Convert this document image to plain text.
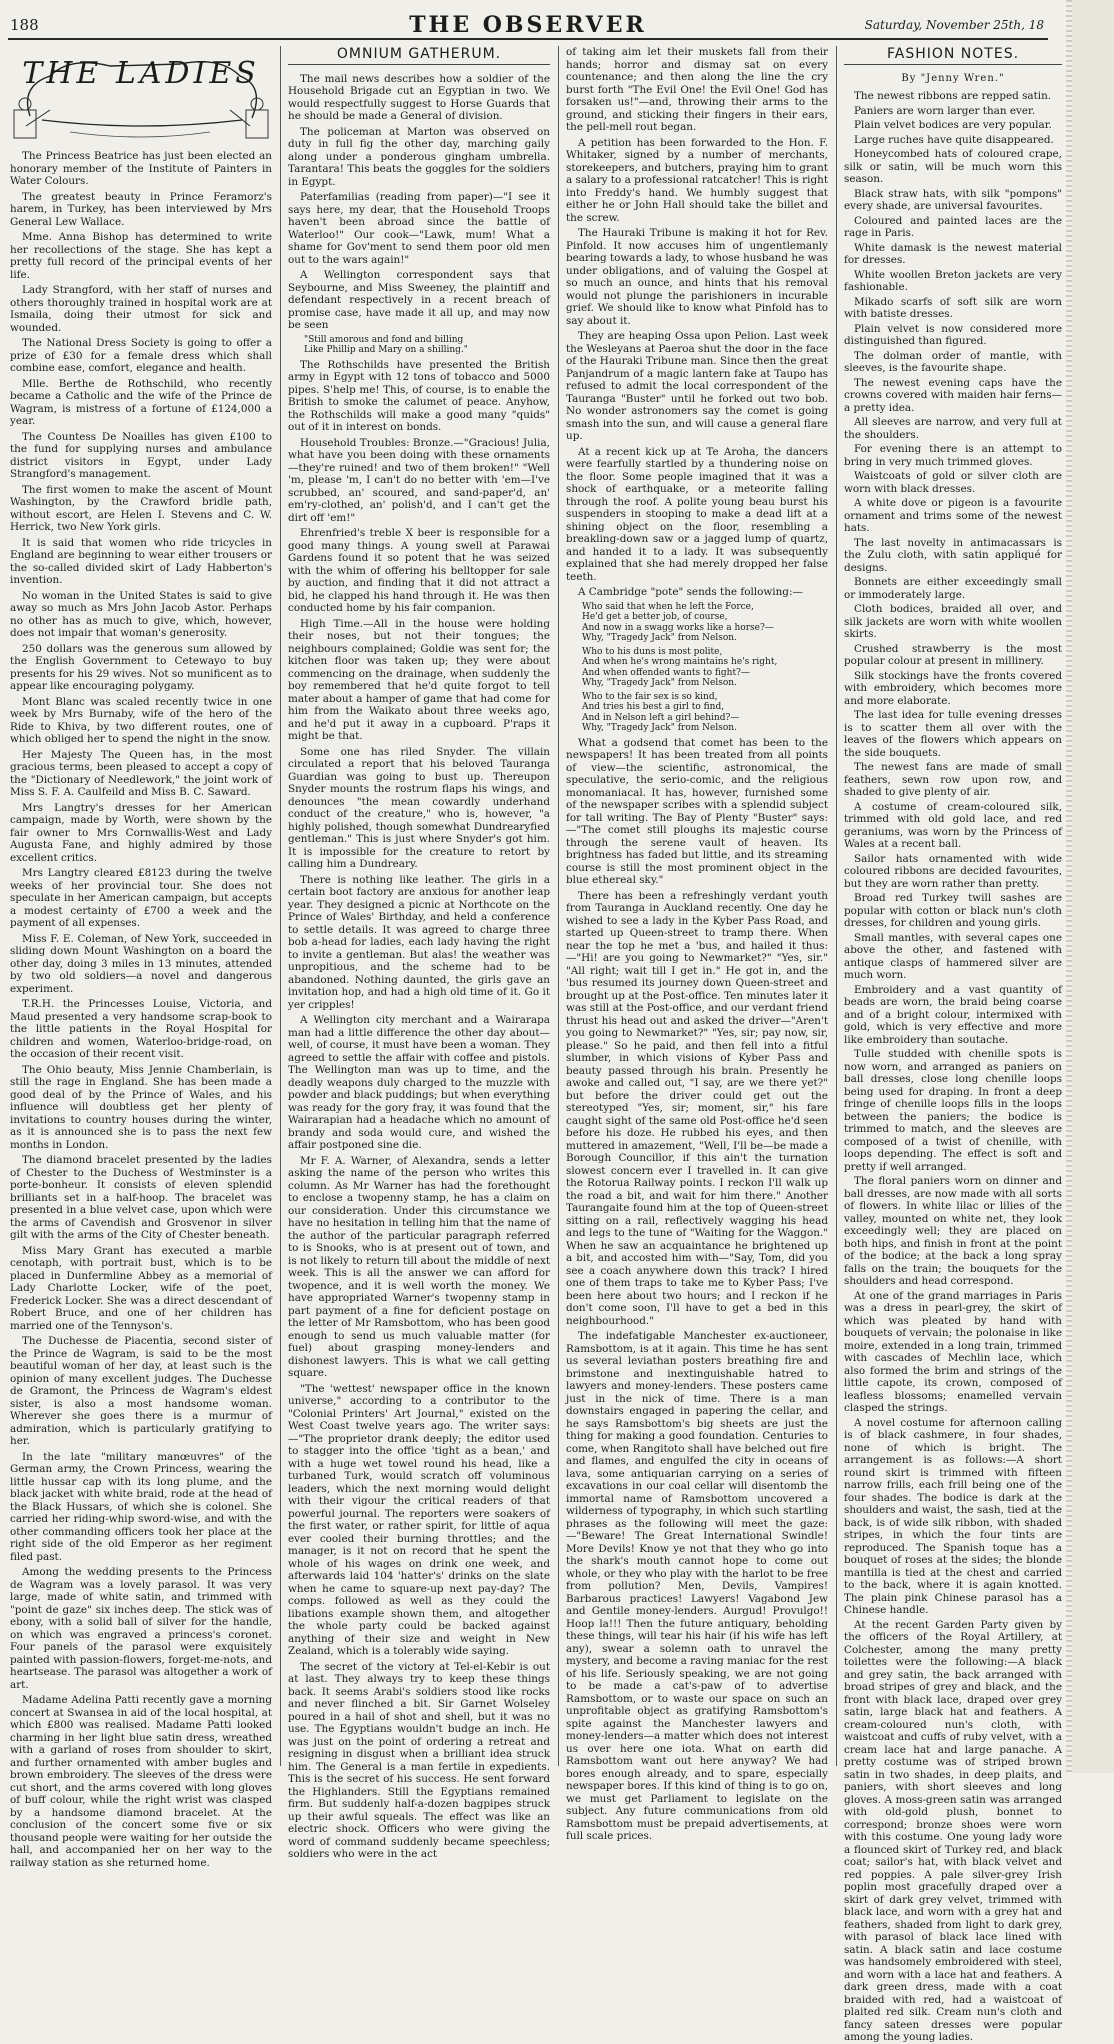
188	THE OBSERVER	Saturday, November 25th, 18
THE LADIES

The Princess Beatrice has just been elected an honorary member of the Institute of Painters in Water Colours.

The greatest beauty in Prince Feramorz's harem, in Turkey, has been interviewed by Mrs General Lew Wallace.

Mme. Anna Bishop has determined to write her recollections of the stage. She has kept a pretty full record of the principal events of her life.

Lady Strangford, with her staff of nurses and others thoroughly trained in hospital work are at Ismaila, doing their utmost for sick and wounded.

The National Dress Society is going to offer a prize of £30 for a female dress which shall combine ease, comfort, elegance and health.

Mlle. Berthe de Rothschild, who recently became a Catholic and the wife of the Prince de Wagram, is mistress of a fortune of £124,000 a year.

The Countess De Noailles has given £100 to the fund for supplying nurses and ambulance district visitors in Egypt, under Lady Strangford's management.

The first women to make the ascent of Mount Washington, by the Crawford bridle path, without escort, are Helen I. Stevens and C. W. Herrick, two New York girls.

It is said that women who ride tricycles in England are beginning to wear either trousers or the so-called divided skirt of Lady Habberton's invention.

No woman in the United States is said to give away so much as Mrs John Jacob Astor. Perhaps no other has as much to give, which, however, does not impair that woman's generosity.

250 dollars was the generous sum allowed by the English Government to Cetewayo to buy presents for his 29 wives. Not so munificent as to appear like encouraging polygamy.

Mont Blanc was scaled recently twice in one week by Mrs Burnaby, wife of the hero of the Ride to Khiva, by two different routes, one of which obliged her to spend the night in the snow.

Her Majesty The Queen has, in the most gracious terms, been pleased to accept a copy of the "Dictionary of Needlework," the joint work of Miss S. F. A. Caulfeild and Miss B. C. Saward.

Mrs Langtry's dresses for her American campaign, made by Worth, were shown by the fair owner to Mrs Cornwallis-West and Lady Augusta Fane, and highly admired by those excellent critics.

Mrs Langtry cleared £8123 during the twelve weeks of her provincial tour. She does not speculate in her American campaign, but accepts a modest certainty of £700 a week and the payment of all expenses.

Miss F. E. Coleman, of New York, succeeded in sliding down Mount Washington on a board the other day, doing 3 miles in 13 minutes, attended by two old soldiers—a novel and dangerous experiment.

T.R.H. the Princesses Louise, Victoria, and Maud presented a very handsome scrap-book to the little patients in the Royal Hospital for children and women, Waterloo-bridge-road, on the occasion of their recent visit.

The Ohio beauty, Miss Jennie Chamberlain, is still the rage in England. She has been made a good deal of by the Prince of Wales, and his influence will doubtless get her plenty of invitations to country houses during the winter, as it is announced she is to pass the next few months in London.

The diamond bracelet presented by the ladies of Chester to the Duchess of Westminster is a porte-bonheur. It consists of eleven splendid brilliants set in a half-hoop. The bracelet was presented in a blue velvet case, upon which were the arms of Cavendish and Grosvenor in silver gilt with the arms of the City of Chester beneath.

Miss Mary Grant has executed a marble cenotaph, with portrait bust, which is to be placed in Dunfermline Abbey as a memorial of Lady Charlotte Locker, wife of the poet, Frederick Locker. She was a direct descendant of Robert Bruce, and one of her children has married one of the Tennyson's.

The Duchesse de Piacentia, second sister of the Prince de Wagram, is said to be the most beautiful woman of her day, at least such is the opinion of many excellent judges. The Duchesse de Gramont, the Princess de Wagram's eldest sister, is also a most handsome woman. Wherever she goes there is a murmur of admiration, which is particularly gratifying to her.

In the late "military manœuvres" of the German army, the Crown Princess, wearing the little hussar cap with its long plume, and the black jacket with white braid, rode at the head of the Black Hussars, of which she is colonel. She carried her riding-whip sword-wise, and with the other commanding officers took her place at the right side of the old Emperor as her regiment filed past.

Among the wedding presents to the Princess de Wagram was a lovely parasol. It was very large, made of white satin, and trimmed with "point de gaze" six inches deep. The stick was of ebony, with a solid ball of silver for the handle, on which was engraved a princess's coronet. Four panels of the parasol were exquisitely painted with passion-flowers, forget-me-nots, and heartsease. The parasol was altogether a work of art.

Madame Adelina Patti recently gave a morning concert at Swansea in aid of the local hospital, at which £800 was realised. Madame Patti looked charming in her light blue satin dress, wreathed with a garland of roses from shoulder to skirt, and further ornamented with amber bugles and brown embroidery. The sleeves of the dress were cut short, and the arms covered with long gloves of buff colour, while the right wrist was clasped by a handsome diamond bracelet. At the conclusion of the concert some five or six thousand people were waiting for her outside the hall, and accompanied her on her way to the railway station as she returned home.

OMNIUM GATHERUM.

The mail news describes how a soldier of the Household Brigade cut an Egyptian in two. We would respectfully suggest to Horse Guards that he should be made a General of division.

The policeman at Marton was observed on duty in full fig the other day, marching gaily along under a ponderous gingham umbrella. Tarantara! This beats the goggles for the soldiers in Egypt.

Paterfamilias (reading from paper)—"I see it says here, my dear, that the Household Troops haven't been abroad since the battle of Waterloo!" Our cook—"Lawk, mum! What a shame for Gov'ment to send them poor old men out to the wars again!"

A Wellington correspondent says that Seybourne, and Miss Sweeney, the plaintiff and defendant respectively in a recent breach of promise case, have made it all up, and may now be seen

"Still amorous and fond and billing
Like Phillip and Mary on a shilling."

The Rothschilds have presented the British army in Egypt with 12 tons of tobacco and 5000 pipes. S'help me! This, of course, is to enable the British to smoke the calumet of peace. Anyhow, the Rothschilds will make a good many "quids" out of it in interest on bonds.

Household Troubles: Bronze.—"Gracious! Julia, what have you been doing with these ornaments—they're ruined! and two of them broken!" "Well 'm, please 'm, I can't do no better with 'em—I've scrubbed, an' scoured, and sand-paper'd, an' em'ry-clothed, an' polish'd, and I can't get the dirt off 'em!"

Ehrenfried's treble X beer is responsible for a good many things. A young swell at Parawai Gardens found it so potent that he was seized with the whim of offering his belltopper for sale by auction, and finding that it did not attract a bid, he clapped his hand through it. He was then conducted home by his fair companion.

High Time.—All in the house were holding their noses, but not their tongues; the neighbours complained; Goldie was sent for; the kitchen floor was taken up; they were about commencing on the drainage, when suddenly the boy remembered that he'd quite forgot to tell mater about a hamper of game that had come for him from the Waikato about three weeks ago, and he'd put it away in a cupboard. P'raps it might be that.

Some one has riled Snyder. The villain circulated a report that his beloved Tauranga Guardian was going to bust up. Thereupon Snyder mounts the rostrum flaps his wings, and denounces "the mean cowardly underhand conduct of the creature," who is, however, "a highly polished, though somewhat Dundrearyfied gentleman." This is just where Snyder's got him. It is impossible for the creature to retort by calling him a Dundreary.

There is nothing like leather. The girls in a certain boot factory are anxious for another leap year. They designed a picnic at Northcote on the Prince of Wales' Birthday, and held a conference to settle details. It was agreed to charge three bob a-head for ladies, each lady having the right to invite a gentleman. But alas! the weather was unpropitious, and the scheme had to be abandoned. Nothing daunted, the girls gave an invitation hop, and had a high old time of it. Go it yer cripples!

A Wellington city merchant and a Wairarapa man had a little difference the other day about—well, of course, it must have been a woman. They agreed to settle the affair with coffee and pistols. The Wellington man was up to time, and the deadly weapons duly charged to the muzzle with powder and black puddings; but when everything was ready for the gory fray, it was found that the Wairarapian had a headache which no amount of brandy and soda would cure, and wished the affair postponed sine die.

Mr F. A. Warner, of Alexandra, sends a letter asking the name of the person who writes this column. As Mr Warner has had the forethought to enclose a twopenny stamp, he has a claim on our consideration. Under this circumstance we have no hesitation in telling him that the name of the author of the particular paragraph referred to is Snooks, who is at present out of town, and is not likely to return till about the middle of next week. This is all the answer we can afford for twopence, and it is well worth the money. We have appropriated Warner's twopenny stamp in part payment of a fine for deficient postage on the letter of Mr Ramsbottom, who has been good enough to send us much valuable matter (for fuel) about grasping money-lenders and dishonest lawyers. This is what we call getting square.

"The 'wettest' newspaper office in the known universe," according to a contributor to the "Colonial Printers' Art Journal," existed on the West Coast twelve years ago. The writer says:—"The proprietor drank deeply; the editor used to stagger into the office 'tight as a bean,' and with a huge wet towel round his head, like a turbaned Turk, would scratch off voluminous leaders, which the next morning would delight with their vigour the critical readers of that powerful journal. The reporters were soakers of the first water, or rather spirit, for little of aqua ever cooled their burning throttles; and the manager, is it not on record that he spent the whole of his wages on drink one week, and afterwards laid 104 'hatter's' drinks on the slate when he came to square-up next pay-day? The comps. followed as well as they could the libations example shown them, and altogether the whole party could be backed against anything of their size and weight in New Zealand, which is a tolerably wide saying.

The secret of the victory at Tel-el-Kebir is out at last. They always try to keep these things back. It seems Arabi's soldiers stood like rocks and never flinched a bit. Sir Garnet Wolseley poured in a hail of shot and shell, but it was no use. The Egyptians wouldn't budge an inch. He was just on the point of ordering a retreat and resigning in disgust when a brilliant idea struck him. The General is a man fertile in expedients. This is the secret of his success. He sent forward the Highlanders. Still the Egyptians remained firm. But suddenly half-a-dozen bagpipes struck up their awful squeals. The effect was like an electric shock. Officers who were giving the word of command suddenly became speechless; soldiers who were in the act

of taking aim let their muskets fall from their hands; horror and dismay sat on every countenance; and then along the line the cry burst forth "The Evil One! the Evil One! God has forsaken us!"—and, throwing their arms to the ground, and sticking their fingers in their ears, the pell-mell rout began.

A petition has been forwarded to the Hon. F. Whitaker, signed by a number of merchants, storekeepers, and butchers, praying him to grant a salary to a professional ratcatcher! This is right into Freddy's hand. We humbly suggest that either he or John Hall should take the billet and the screw.

The Hauraki Tribune is making it hot for Rev. Pinfold. It now accuses him of ungentlemanly bearing towards a lady, to whose husband he was under obligations, and of valuing the Gospel at so much an ounce, and hints that his removal would not plunge the parishioners in incurable grief. We should like to know what Pinfold has to say about it.

They are heaping Ossa upon Pelion. Last week the Wesleyans at Paeroa shut the door in the face of the Hauraki Tribune man. Since then the great Panjandrum of a magic lantern fake at Taupo has refused to admit the local correspondent of the Tauranga "Buster" until he forked out two bob. No wonder astronomers say the comet is going smash into the sun, and will cause a general flare up.

At a recent kick up at Te Aroha, the dancers were fearfully startled by a thundering noise on the floor. Some people imagined that it was a shock of earthquake, or a meteorite falling through the roof. A polite young beau burst his suspenders in stooping to make a dead lift at a shining object on the floor, resembling a breakling-down saw or a jagged lump of quartz, and handed it to a lady. It was subsequently explained that she had merely dropped her false teeth.

A Cambridge "pote" sends the following:—

Who said that when he left the Force,
He'd get a better job, of course,
And now in a swagg works like a horse?—
Why, "Tragedy Jack" from Nelson.
Who to his duns is most polite,
And when he's wrong maintains he's right,
And when offended wants to fight?—
Why, "Tragedy Jack" from Nelson.
Who to the fair sex is so kind,
And tries his best a girl to find,
And in Nelson left a girl behind?—
Why, "Tragedy Jack" from Nelson.

What a godsend that comet has been to the newspapers! It has been treated from all points of view—the scientific, astronomical, the speculative, the serio-comic, and the religious monomaniacal. It has, however, furnished some of the newspaper scribes with a splendid subject for tall writing. The Bay of Plenty "Buster" says:—"The comet still ploughs its majestic course through the serene vault of heaven. Its brightness has faded but little, and its streaming course is still the most prominent object in the blue ethereal sky."

There has been a refreshingly verdant youth from Tauranga in Auckland recently. One day he wished to see a lady in the Kyber Pass Road, and started up Queen-street to tramp there. When near the top he met a 'bus, and hailed it thus:—"Hi! are you going to Newmarket?" "Yes, sir." "All right; wait till I get in." He got in, and the 'bus resumed its journey down Queen-street and brought up at the Post-office. Ten minutes later it was still at the Post-office, and our verdant friend thrust his head out and asked the driver—"Aren't you going to Newmarket?" "Yes, sir; pay now, sir, please." So he paid, and then fell into a fitful slumber, in which visions of Kyber Pass and beauty passed through his brain. Presently he awoke and called out, "I say, are we there yet?" but before the driver could get out the stereotyped "Yes, sir; moment, sir," his fare caught sight of the same old Post-office he'd seen before his doze. He rubbed his eyes, and then muttered in amazement, "Well, I'll be—be made a Borough Councillor, if this ain't the turnation slowest concern ever I travelled in. It can give the Rotorua Railway points. I reckon I'll walk up the road a bit, and wait for him there." Another Taurangaite found him at the top of Queen-street sitting on a rail, reflectively wagging his head and legs to the tune of "Waiting for the Waggon." When he saw an acquaintance he brightened up a bit, and accosted him with—"Say, Tom, did you see a coach anywhere down this track? I hired one of them traps to take me to Kyber Pass; I've been here about two hours; and I reckon if he don't come soon, I'll have to get a bed in this neighbourhood."

The indefatigable Manchester ex-auctioneer, Ramsbottom, is at it again. This time he has sent us several leviathan posters breathing fire and brimstone and inextinguishable hatred to lawyers and money-lenders. These posters came just in the nick of time. There is a man downstairs engaged in papering the cellar, and he says Ramsbottom's big sheets are just the thing for making a good foundation. Centuries to come, when Rangitoto shall have belched out fire and flames, and engulfed the city in oceans of lava, some antiquarian carrying on a series of excavations in our coal cellar will disentomb the immortal name of Ramsbottom uncovered a wilderness of typography, in which such startling phrases as the following will meet the gaze:—"Beware! The Great International Swindle! More Devils! Know ye not that they who go into the shark's mouth cannot hope to come out whole, or they who play with the harlot to be free from pollution? Men, Devils, Vampires! Barbarous practices! Lawyers! Vagabond Jew and Gentile money-lenders. Aurgud! Provulgo!! Hoop la!!! Then the future antiquary, beholding these things, will tear his hair (if his wife has left any), swear a solemn oath to unravel the mystery, and become a raving maniac for the rest of his life. Seriously speaking, we are not going to be made a cat's-paw of to advertise Ramsbottom, or to waste our space on such an unprofitable object as gratifying Ramsbottom's spite against the Manchester lawyers and money-lenders—a matter which does not interest us over here one iota. What on earth did Ramsbottom want out here anyway? We had bores enough already, and to spare, especially newspaper bores. If this kind of thing is to go on, we must get Parliament to legislate on the subject. Any future communications from old Ramsbottom must be prepaid advertisements, at full scale prices.

FASHION NOTES.
By "Jenny Wren."

The newest ribbons are repped satin.

Paniers are worn larger than ever.

Plain velvet bodices are very popular.

Large ruches have quite disappeared.

Honeycombed hats of coloured crape, silk or satin, will be much worn this season.

Black straw hats, with silk "pompons" every shade, are universal favourites.

Coloured and painted laces are the rage in Paris.

White damask is the newest material for dresses.

White woollen Breton jackets are very fashionable.

Mikado scarfs of soft silk are worn with batiste dresses.

Plain velvet is now considered more distinguished than figured.

The dolman order of mantle, with sleeves, is the favourite shape.

The newest evening caps have the crowns covered with maiden hair ferns—a pretty idea.

All sleeves are narrow, and very full at the shoulders.

For evening there is an attempt to bring in very much trimmed gloves.

Waistcoats of gold or silver cloth are worn with black dresses.

A white dove or pigeon is a favourite ornament and trims some of the newest hats.

The last novelty in antimacassars is the Zulu cloth, with satin appliqué for designs.

Bonnets are either exceedingly small or immoderately large.

Cloth bodices, braided all over, and silk jackets are worn with white woollen skirts.

Crushed strawberry is the most popular colour at present in millinery.

Silk stockings have the fronts covered with embroidery, which becomes more and more elaborate.

The last idea for tulle evening dresses is to scatter them all over with the leaves of the flowers which appears on the side bouquets.

The newest fans are made of small feathers, sewn row upon row, and shaded to give plenty of air.

A costume of cream-coloured silk, trimmed with old gold lace, and red geraniums, was worn by the Princess of Wales at a recent ball.

Sailor hats ornamented with wide coloured ribbons are decided favourites, but they are worn rather than pretty.

Broad red Turkey twill sashes are popular with cotton or black nun's cloth dresses, for children and young girls.

Small mantles, with several capes one above the other, and fastened with antique clasps of hammered silver are much worn.

Embroidery and a vast quantity of beads are worn, the braid being coarse and of a bright colour, intermixed with gold, which is very effective and more like embroidery than soutache.

Tulle studded with chenille spots is now worn, and arranged as paniers on ball dresses, close long chenille loops being used for draping. In front a deep fringe of chenille loops fills in the loops between the paniers; the bodice is trimmed to match, and the sleeves are composed of a twist of chenille, with loops depending. The effect is soft and pretty if well arranged.

The floral paniers worn on dinner and ball dresses, are now made with all sorts of flowers. In white lilac or lilies of the valley, mounted on white net, they look exceedingly well; they are placed on both hips, and finish in front at the point of the bodice; at the back a long spray falls on the train; the bouquets for the shoulders and head correspond.

At one of the grand marriages in Paris was a dress in pearl-grey, the skirt of which was pleated by hand with bouquets of vervain; the polonaise in like moire, extended in a long train, trimmed with cascades of Mechlin lace, which also formed the brim and strings of the little capote, its crown, composed of leafless blossoms; enamelled vervain clasped the strings.

A novel costume for afternoon calling is of black cashmere, in four shades, none of which is bright. The arrangement is as follows:—A short round skirt is trimmed with fifteen narrow frills, each frill being one of the four shades. The bodice is dark at the shoulders and waist, the sash, tied at the back, is of wide silk ribbon, with shaded stripes, in which the four tints are reproduced. The Spanish toque has a bouquet of roses at the sides; the blonde mantilla is tied at the chest and carried to the back, where it is again knotted. The plain pink Chinese parasol has a Chinese handle.

At the recent Garden Party given by the officers of the Royal Artillery, at Colchester, among the many pretty toilettes were the following:—A black and grey satin, the back arranged with broad stripes of grey and black, and the front with black lace, draped over grey satin, large black hat and feathers. A cream-coloured nun's cloth, with waistcoat and cuffs of ruby velvet, with a cream lace hat and large panache. A pretty costume was of striped brown satin in two shades, in deep plaits, and paniers, with short sleeves and long gloves. A moss-green satin was arranged with old-gold plush, bonnet to correspond; bronze shoes were worn with this costume. One young lady wore a flounced skirt of Turkey red, and black coat; sailor's hat, with black velvet and red poppies. A pale silver-grey Irish poplin most gracefully draped over a skirt of dark grey velvet, trimmed with black lace, and worn with a grey hat and feathers, shaded from light to dark grey, with parasol of black lace lined with satin. A black satin and lace costume was handsomely embroidered with steel, and worn with a lace hat and feathers. A dark green dress, made with a coat braided with red, had a waistcoat of plaited red silk. Cream nun's cloth and fancy sateen dresses were popular among the young ladies.
